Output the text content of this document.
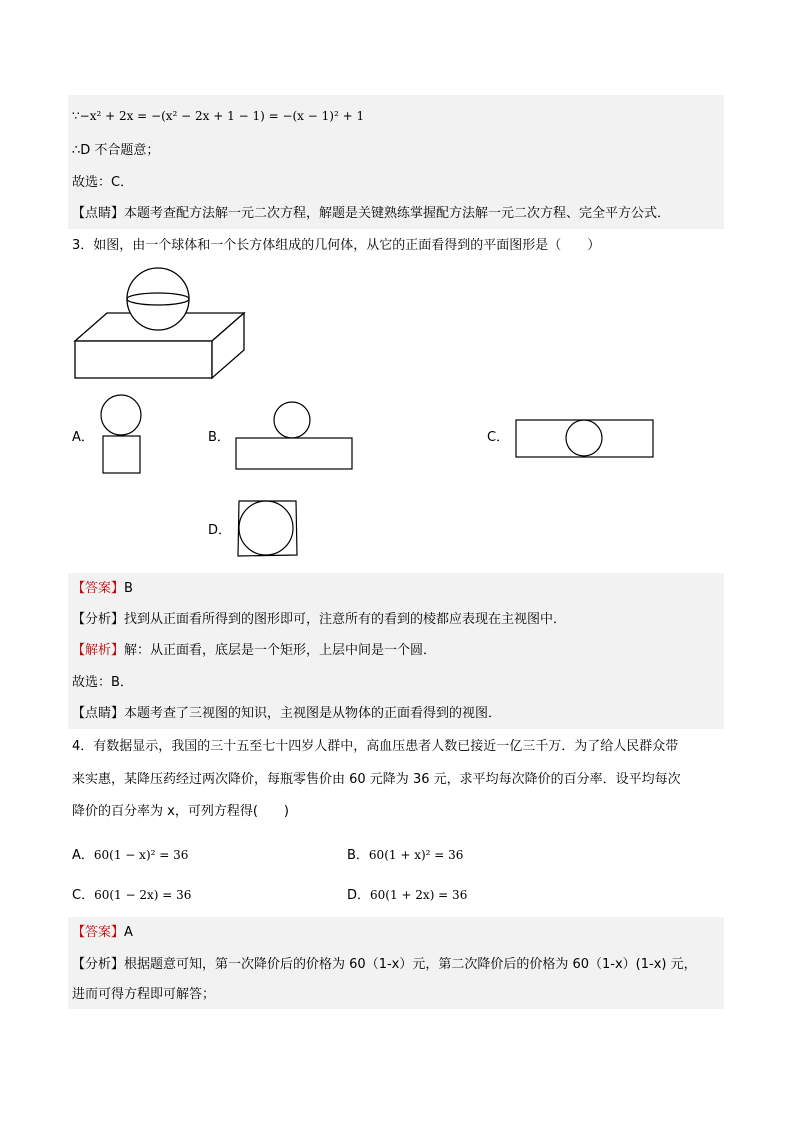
∵−x² + 2x = −(x² − 2x + 1 − 1) = −(x − 1)² + 1
∴D 不合题意；
故选：C．
【点睛】本题考查配方法解一元二次方程，解题是关键熟练掌握配方法解一元二次方程、完全平方公式．
3．如图，由一个球体和一个长方体组成的几何体，从它的正面看得到的平面图形是（　　）
A．	B．	C．
D．
【答案】B
【分析】找到从正面看所得到的图形即可，注意所有的看到的棱都应表现在主视图中．
【解析】解：从正面看，底层是一个矩形，上层中间是一个圆．
故选：B．
【点睛】本题考查了三视图的知识，主视图是从物体的正面看得到的视图．
4．有数据显示，我国的三十五至七十四岁人群中，高血压患者人数已接近一亿三千万．为了给人民群众带
来实惠，某降压药经过两次降价，每瓶零售价由 60 元降为 36 元，求平均每次降价的百分率．设平均每次
降价的百分率为 x，可列方程得(　　)
A．60(1 − x)² = 36	B．60(1 + x)² = 36
C．60(1 − 2x) = 36	D．60(1 + 2x) = 36
【答案】A
【分析】根据题意可知，第一次降价后的价格为 60（1-x）元，第二次降价后的价格为 60（1-x）(1-x) 元，
进而可得方程即可解答；
